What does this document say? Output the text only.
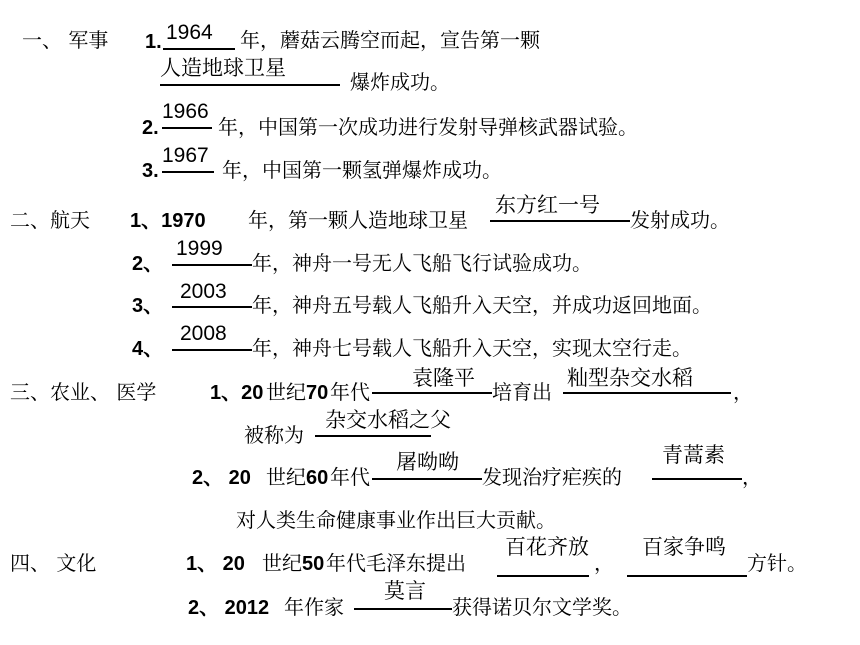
一、 军事 1. 1964 年，蘑菇云腾空而起，宣告第一颗
人造地球卫星
爆炸成功。
2.
1966
年，中国第一次成功进行发射导弹核武器试验。
3.
1967
年，中国第一颗氢弹爆炸成功。
二、航天 1、1970 年，第一颗人造地球卫星
东方红一号
发射成功。
2、
1999
年，神舟一号无人飞船飞行试验成功。
3、
2003
年，神舟五号载人飞船升入天空，并成功返回地面。
4、
2008
年，神舟七号载人飞船升入天空，实现太空行走。
三、农业、 医学	1、20 世纪 70 年代
袁隆平
培育出
籼型杂交水稻
，
被称为
杂交水稻之父
2、 20 世纪 60 年代
屠呦呦
发现治疗疟疾的
青蒿素
，
对人类生命健康事业作出巨大贡献。
四、 文化	1、 20 世纪 50 年代毛泽东提出
百花齐放
，
百家争鸣
方针。
2、 2012 年作家
莫言
获得诺贝尔文学奖。
